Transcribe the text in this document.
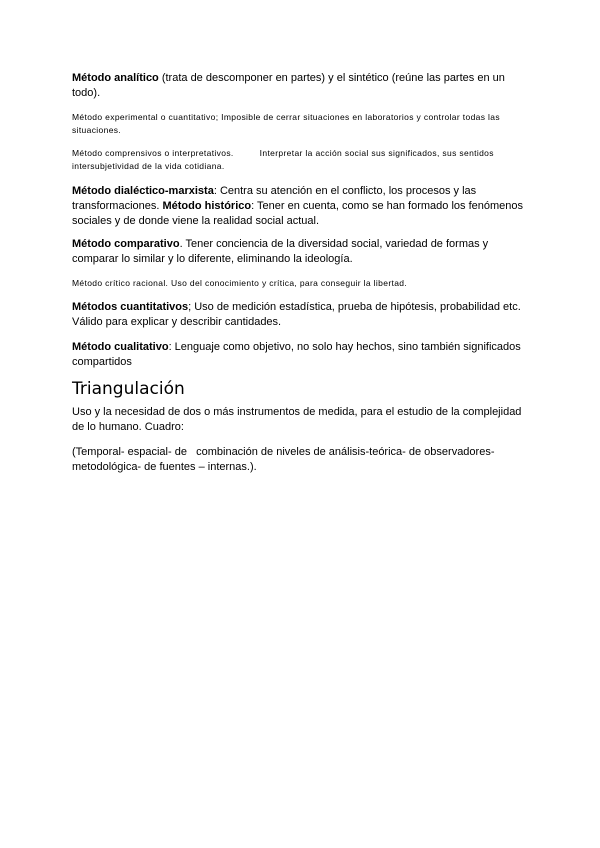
Método analítico (trata de descomponer en partes) y el sintético (reúne las partes en un todo).

Método experimental o cuantitativo; Imposible de cerrar situaciones en laboratorios y controlar todas las situaciones.

Método comprensivos o interpretativos.	Interpretar la acción social sus significados, sus sentidos intersubjetividad de la vida cotidiana.

Método dialéctico-marxista: Centra su atención en el conflicto, los procesos y las transformaciones. Método histórico: Tener en cuenta, como se han formado los fenómenos sociales y de donde viene la realidad social actual.

Método comparativo. Tener conciencia de la diversidad social, variedad de formas y comparar lo similar y lo diferente, eliminando la ideología.

Método crítico racional. Uso del conocimiento y crítica, para conseguir la libertad.

Métodos cuantitativos; Uso de medición estadística, prueba de hipótesis, probabilidad etc. Válido para explicar y describir cantidades.

Método cualitativo: Lenguaje como objetivo, no solo hay hechos, sino también significados compartidos

Triangulación

Uso y la necesidad de dos o más instrumentos de medida, para el estudio de la complejidad de lo humano. Cuadro:

(Temporal- espacial- de   combinación de niveles de análisis-teórica- de observadores-metodológica- de fuentes – internas.).
